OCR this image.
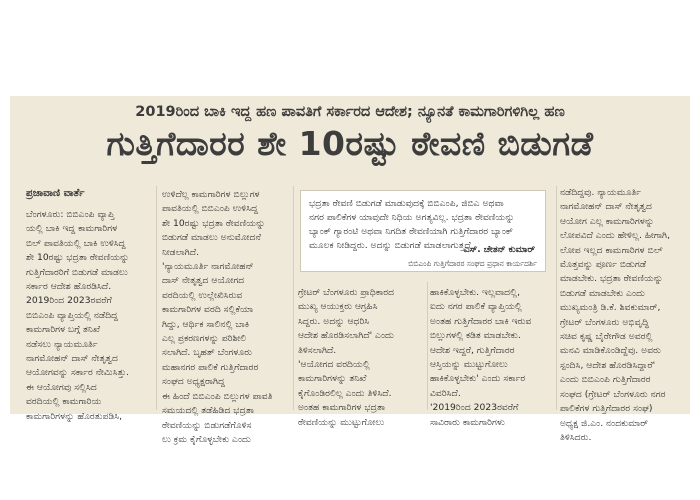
2019ರಿಂದ ಬಾಕಿ ಇದ್ದ ಹಣ ಪಾವತಿಗೆ ಸರ್ಕಾರದ ಆದೇಶ; ನ್ಯೂನತೆ ಕಾಮಗಾರಿಗಳಿಗಿಲ್ಲ ಹಣ
ಗುತ್ತಿಗೆದಾರರ ಶೇ 10ರಷ್ಟು ಠೇವಣಿ ಬಿಡುಗಡೆ
ಪ್ರಜಾವಾಣಿ ವಾರ್ತೆ
ಬೆಂಗಳೂರು: ಬಿಬಿಎಂಪಿ ವ್ಯಾಪ್ತಿ
ಯಲ್ಲಿ ಬಾಕಿ ಇದ್ದ ಕಾಮಗಾರಿಗಳ
ಬಿಲ್ ಪಾವತಿಯಲ್ಲಿ ಬಾಕಿ ಉಳಿಸಿದ್ದ
ಶೇ 10ರಷ್ಟು ಭದ್ರತಾ ಠೇವಣಿಯನ್ನು
ಗುತ್ತಿಗೆದಾರರಿಗೆ ಬಿಡುಗಡೆ ಮಾಡಲು
ಸರ್ಕಾರ ಆದೇಶ ಹೊರಡಿಸಿದೆ.
2019ರಿಂದ 2023ರವರೆಗೆ
ಬಿಬಿಎಂಪಿ ವ್ಯಾಪ್ತಿಯಲ್ಲಿ ನಡೆದಿದ್ದ
ಕಾಮಗಾರಿಗಳ ಬಗ್ಗೆ ತನಿಖೆ
ನಡೆಸಲು ನ್ಯಾಯಮೂರ್ತಿ
ನಾಗಮೋಹನ್ ದಾಸ್ ನೇತೃತ್ವದ
ಆಯೋಗವನ್ನು ಸರ್ಕಾರ ನೇಮಿಸಿತ್ತು.
ಈ ಆಯೋಗವು ಸಲ್ಲಿಸಿದ
ವರದಿಯಲ್ಲಿ ಕಾಮಗಾರಿಯ
ಕಾಮಗಾರಿಗಳನ್ನು ಹೊರತುಪಡಿಸಿ,
ಉಳಿದೆಲ್ಲ ಕಾಮಗಾರಿಗಳ ಬಿಲ್ಲುಗಳ
ಪಾವತಿಯಲ್ಲಿ ಬಿಬಿಎಂಪಿ ಉಳಿಸಿದ್ದ
ಶೇ 10ರಷ್ಟು ಭದ್ರತಾ ಠೇವಣಿಯನ್ನು
ಬಿಡುಗಡೆ ಮಾಡಲು ಅನುಮೋದನೆ
ನೀಡಲಾಗಿದೆ.
'ನ್ಯಾಯಮೂರ್ತಿ ನಾಗಮೋಹನ್
ದಾಸ್ ನೇತೃತ್ವದ ಆಯೋಗದ
ವರದಿಯಲ್ಲಿ ಉಲ್ಲೇಖಿಸಿರುವ
ಕಾಮಗಾರಿಗಳ ವರದಿ ಸಲ್ಲಿಕೆಯಾ
ಗಿದ್ದು, ಆರ್ಥಿಕ ಸಾಲಿನಲ್ಲಿ ಬಾಕಿ
ಎಲ್ಲ ಪ್ರಕರಣಗಳನ್ನು ಪರಿಶೀಲಿ
ಸಲಾಗಿದೆ. ಬೃಹತ್ ಬೆಂಗಳೂರು
ಮಹಾನಗರ ಪಾಲಿಕೆ ಗುತ್ತಿಗೆದಾರರ
ಸಂಘದ ಅಧ್ಯಕ್ಷರಾಗಿದ್ದ
ಈ ಹಿಂದೆ ಬಿಬಿಎಂಪಿ ಬಿಲ್ಲುಗಳ ಪಾವತಿ
ಸಮಯದಲ್ಲಿ ತಡೆಹಿಡಿದ ಭದ್ರತಾ
ಠೇವಣಿಯನ್ನು ಬಿಡುಗಡೆಗೊಳಿಸ
ಲು ಕ್ರಮ ಕೈಗೊಳ್ಳಬೇಕು ಎಂದು
ಭದ್ರತಾ ಠೇವಣಿ ಬಿಡುಗಡೆ ಮಾಡುವುದಕ್ಕೆ ಬಿಬಿಎಂಪಿ, ಜಿಬಿಎ ಅಥವಾ
ನಗರ ಪಾಲಿಕೆಗಳ ಯಾವುದೇ ನಿಧಿಯ ಅಗತ್ಯವಿಲ್ಲ. ಭದ್ರತಾ ಠೇವಣಿಯನ್ನು
ಬ್ಯಾಂಕ್ ಗ್ಯಾರಂಟಿ ಅಥವಾ ನಿಗದಿತ ಠೇವಣಿಯಾಗಿ ಗುತ್ತಿಗೆದಾರರ ಬ್ಯಾಂಕ್
ಮೂಲಕ ನೀಡಿದ್ದರು. ಅದನ್ನು ಬಿಡುಗಡೆ ಮಾಡಲಾಗುತ್ತದೆ
ಎಸ್. ಚೇತನ್ ಕುಮಾರ್
ಬಿಬಿಎಂಪಿ ಗುತ್ತಿಗೆದಾರರ ಸಂಘದ ಪ್ರಧಾನ ಕಾರ್ಯದರ್ಶಿ
ಗ್ರೇಟರ್ ಬೆಂಗಳೂರು ಪ್ರಾಧಿಕಾರದ
ಮುಖ್ಯ ಆಯುಕ್ತರು ಆಗ್ರಹಿಸಿ
ಸಿದ್ದರು. ಅದನ್ನು ಆಧರಿಸಿ
ಆದೇಶ ಹೊರಡಿಸಲಾಗಿದೆ' ಎಂದು
ತಿಳಿಸಲಾಗಿದೆ.
'ಆಯೋಗದ ವರದಿಯಲ್ಲಿ
ಕಾಮಗಾರಿಗಳನ್ನು ತನಿಖೆ
ಕೈಗೊಂಡಿರಲಿಲ್ಲ ಎಂದು ತಿಳಿಸಿದೆ.
ಅಂತಹ ಕಾಮಗಾರಿಗಳ ಭದ್ರತಾ
ಠೇವಣಿಯನ್ನು ಮುಟ್ಟುಗೋಲು
ಹಾಕಿಕೊಳ್ಳಬೇಕು. ಇಲ್ಲವಾದಲ್ಲಿ,
ಐದು ನಗರ ಪಾಲಿಕೆ ವ್ಯಾಪ್ತಿಯಲ್ಲಿ
ಅಂತಹ ಗುತ್ತಿಗೆದಾರರ ಬಾಕಿ ಇರುವ
ಬಿಲ್ಲುಗಳಲ್ಲಿ ಕಡಿತ ಮಾಡಬೇಕು.
ಆದೇಶ ಇದ್ದರೆ, ಗುತ್ತಿಗೆದಾರರ
ಆಸ್ತಿಯನ್ನು ಮುಟ್ಟುಗೋಲು
ಹಾಕಿಕೊಳ್ಳಬೇಕು' ಎಂದು ಸರ್ಕಾರ
ವಿವರಿಸಿದೆ.
'2019ರಿಂದ 2023ರವರೆಗೆ
ಸಾವಿರಾರು ಕಾಮಗಾರಿಗಳು
ನಡೆದಿದ್ದವು. ನ್ಯಾಯಮೂರ್ತಿ
ನಾಗಮೋಹನ್ ದಾಸ್ ನೇತೃತ್ವದ
ಆಯೋಗ ಎಲ್ಲ ಕಾಮಗಾರಿಗಳನ್ನು
ಲೋಪವಿದೆ ಎಂದು ಹೇಳಿಲ್ಲ. ಹೀಗಾಗಿ,
ಲೋಪ ಇಲ್ಲದ ಕಾಮಗಾರಿಗಳ ಬಿಲ್
ಮೊತ್ತವನ್ನು ಪೂರ್ಣ ಬಿಡುಗಡೆ
ಮಾಡಬೇಕು. ಭದ್ರತಾ ಠೇವಣಿಯನ್ನು
ಬಿಡುಗಡೆ ಮಾಡಬೇಕು ಎಂದು
ಮುಖ್ಯಮಂತ್ರಿ ಡಿ.ಕೆ. ಶಿವಕುಮಾರ್,
ಗ್ರೇಟರ್ ಬೆಂಗಳೂರು ಅಭಿವೃದ್ಧಿ
ಸಚಿವ ಕೃಷ್ಣ ಬೈರೇಗೌಡ ಅವರಲ್ಲಿ
ಮನವಿ ಮಾಡಿಕೊಂಡಿದ್ದೆವು. ಅವರು
ಸ್ಪಂದಿಸಿ, ಆದೇಶ ಹೊರಡಿಸಿದ್ದಾರೆ'
ಎಂದು ಬಿಬಿಎಂಪಿ ಗುತ್ತಿಗೆದಾರರ
ಸಂಘದ (ಗ್ರೇಟರ್ ಬೆಂಗಳೂರು ನಗರ
ಪಾಲಿಕೆಗಳ ಗುತ್ತಿಗೆದಾರರ ಸಂಘ)
ಅಧ್ಯಕ್ಷ ಜಿ.ಎಂ. ನಂದಕುಮಾರ್
ತಿಳಿಸಿದರು.
